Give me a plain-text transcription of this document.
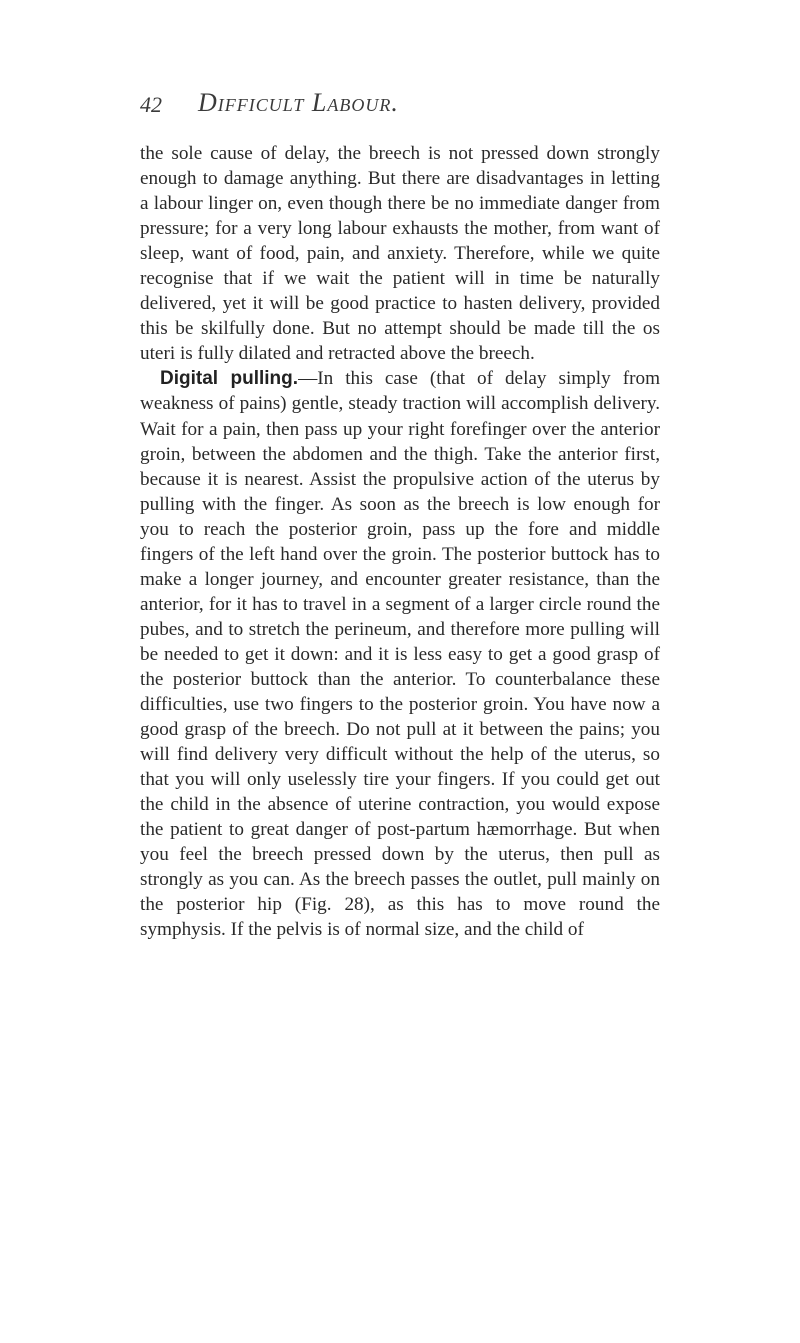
42 Difficult Labour.

the sole cause of delay, the breech is not pressed down strongly enough to damage anything. But there are disadvantages in letting a labour linger on, even though there be no immediate danger from pressure; for a very long labour exhausts the mother, from want of sleep, want of food, pain, and anxiety. Therefore, while we quite recognise that if we wait the patient will in time be naturally delivered, yet it will be good practice to hasten delivery, provided this be skilfully done. But no attempt should be made till the os uteri is fully dilated and retracted above the breech.

Digital pulling.—In this case (that of delay simply from weakness of pains) gentle, steady traction will accomplish delivery. Wait for a pain, then pass up your right forefinger over the anterior groin, between the abdomen and the thigh. Take the anterior first, because it is nearest. Assist the propulsive action of the uterus by pulling with the finger. As soon as the breech is low enough for you to reach the posterior groin, pass up the fore and middle fingers of the left hand over the groin. The posterior buttock has to make a longer journey, and encounter greater resistance, than the anterior, for it has to travel in a segment of a larger circle round the pubes, and to stretch the perineum, and therefore more pulling will be needed to get it down: and it is less easy to get a good grasp of the posterior buttock than the anterior. To counterbalance these difficulties, use two fingers to the posterior groin. You have now a good grasp of the breech. Do not pull at it between the pains; you will find delivery very difficult without the help of the uterus, so that you will only uselessly tire your fingers. If you could get out the child in the absence of uterine contraction, you would expose the patient to great danger of post-partum hæmorrhage. But when you feel the breech pressed down by the uterus, then pull as strongly as you can. As the breech passes the outlet, pull mainly on the posterior hip (Fig. 28), as this has to move round the symphysis. If the pelvis is of normal size, and the child of
